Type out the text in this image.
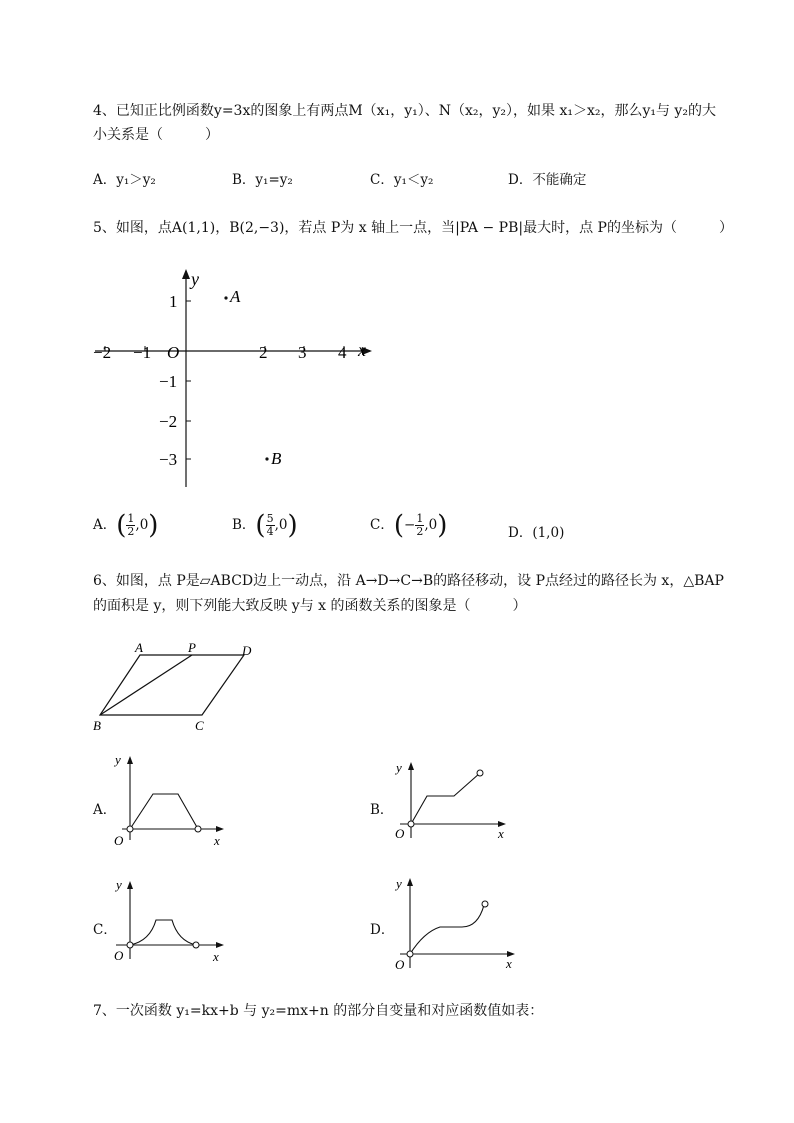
4、已知正比例函数y=3x的图象上有两点M（x₁，y₁）、N（x₂，y₂），如果 x₁＞x₂，那么y₁与 y₂的大
小关系是（　　　）
A．y₁＞y₂	B．y₁=y₂	C．y₁＜y₂	D．不能确定
5、如图，点A(1,1)，B(2,−3)，若点 P为 x 轴上一点，当|PA − PB|最大时，点 P的坐标为（　　　）
−2 −1	2 3 4
1
−1
−2
−3
O	x
y
A
B
A．( $\frac{1}{2} ,0$)	B．( $\frac{5}{4} ,0$)	C．(− $\frac{1}{2} ,0$)	D．(1,0)
6、如图，点 P是▱ABCD边上一动点，沿 A→D→C→B的路径移动，设 P点经过的路径长为 x，△BAP
的面积是 y，则下列能大致反映 y与 x 的函数关系的图象是（　　　）
A	P	D
B	C
A．
y
O	x
B．
y
O	x
C．
y
O	x
D．
y
O	x
7、一次函数 y₁=kx+b 与 y₂=mx+n 的部分自变量和对应函数值如表：
